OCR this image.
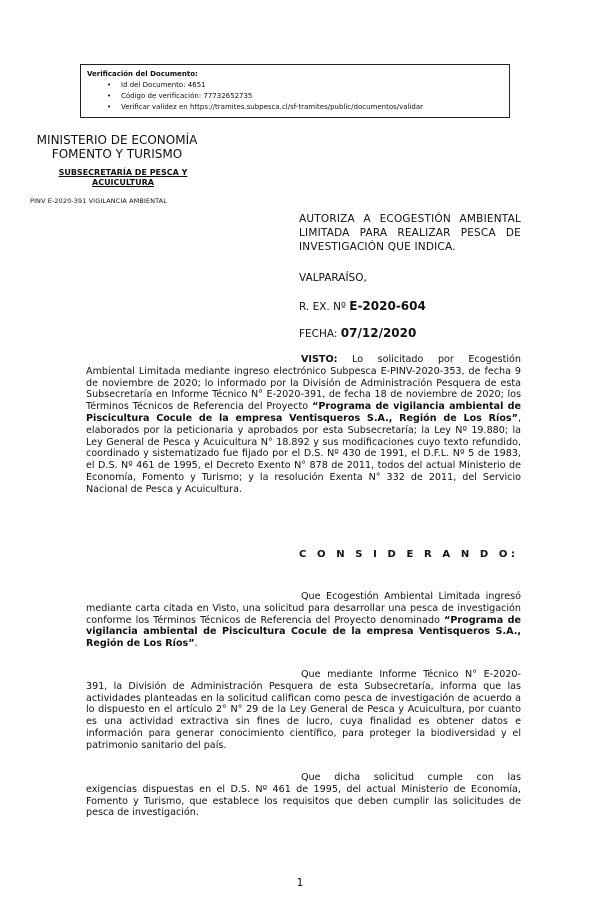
Verificación del Documento:
• Id del Documento: 4651
• Código de verificación: 77732652735
• Verificar validez en https://tramites.subpesca.cl/sf-tramites/public/documentos/validar
MINISTERIO DE ECONOMÍA
FOMENTO Y TURISMO
SUBSECRETARÍA DE PESCA Y ACUICULTURA
PINV E-2020-391 VIGILANCIA AMBIENTAL
AUTORIZA A ECOGESTIÓN AMBIENTAL LIMITADA PARA REALIZAR PESCA DE INVESTIGACIÓN QUE INDICA.
VALPARAÍSO,
R. EX. Nº E-2020-604
FECHA: 07/12/2020
VISTO: Lo solicitado por Ecogestión Ambiental Limitada mediante ingreso electrónico Subpesca E-PINV-2020-353, de fecha 9 de noviembre de 2020; lo informado por la División de Administración Pesquera de esta Subsecretaría en Informe Técnico N° E-2020-391, de fecha 18 de noviembre de 2020; los Términos Técnicos de Referencia del Proyecto “Programa de vigilancia ambiental de Piscicultura Cocule de la empresa Ventisqueros S.A., Región de Los Ríos”, elaborados por la peticionaria y aprobados por esta Subsecretaría; la Ley Nº 19.880; la Ley General de Pesca y Acuicultura N° 18.892 y sus modificaciones cuyo texto refundido, coordinado y sistematizado fue fijado por el D.S. Nº 430 de 1991, el D.F.L. Nº 5 de 1983, el D.S. Nº 461 de 1995, el Decreto Exento N° 878 de 2011, todos del actual Ministerio de Economía, Fomento y Turismo; y la resolución Exenta N° 332 de 2011, del Servicio Nacional de Pesca y Acuicultura.
C O N S I D E R A N D O:
Que Ecogestión Ambiental Limitada ingresó mediante carta citada en Visto, una solicitud para desarrollar una pesca de investigación conforme los Términos Técnicos de Referencia del Proyecto denominado “Programa de vigilancia ambiental de Piscicultura Cocule de la empresa Ventisqueros S.A., Región de Los Ríos”.
Que mediante Informe Técnico N° E-2020-391, la División de Administración Pesquera de esta Subsecretaría, informa que las actividades planteadas en la solicitud califican como pesca de investigación de acuerdo a lo dispuesto en el artículo 2° N° 29 de la Ley General de Pesca y Acuicultura, por cuanto es una actividad extractiva sin fines de lucro, cuya finalidad es obtener datos e información para generar conocimiento científico, para proteger la biodiversidad y el patrimonio sanitario del país.
Que dicha solicitud cumple con las exigencias dispuestas en el D.S. Nº 461 de 1995, del actual Ministerio de Economía, Fomento y Turismo, que establece los requisitos que deben cumplir las solicitudes de pesca de investigación.
1
